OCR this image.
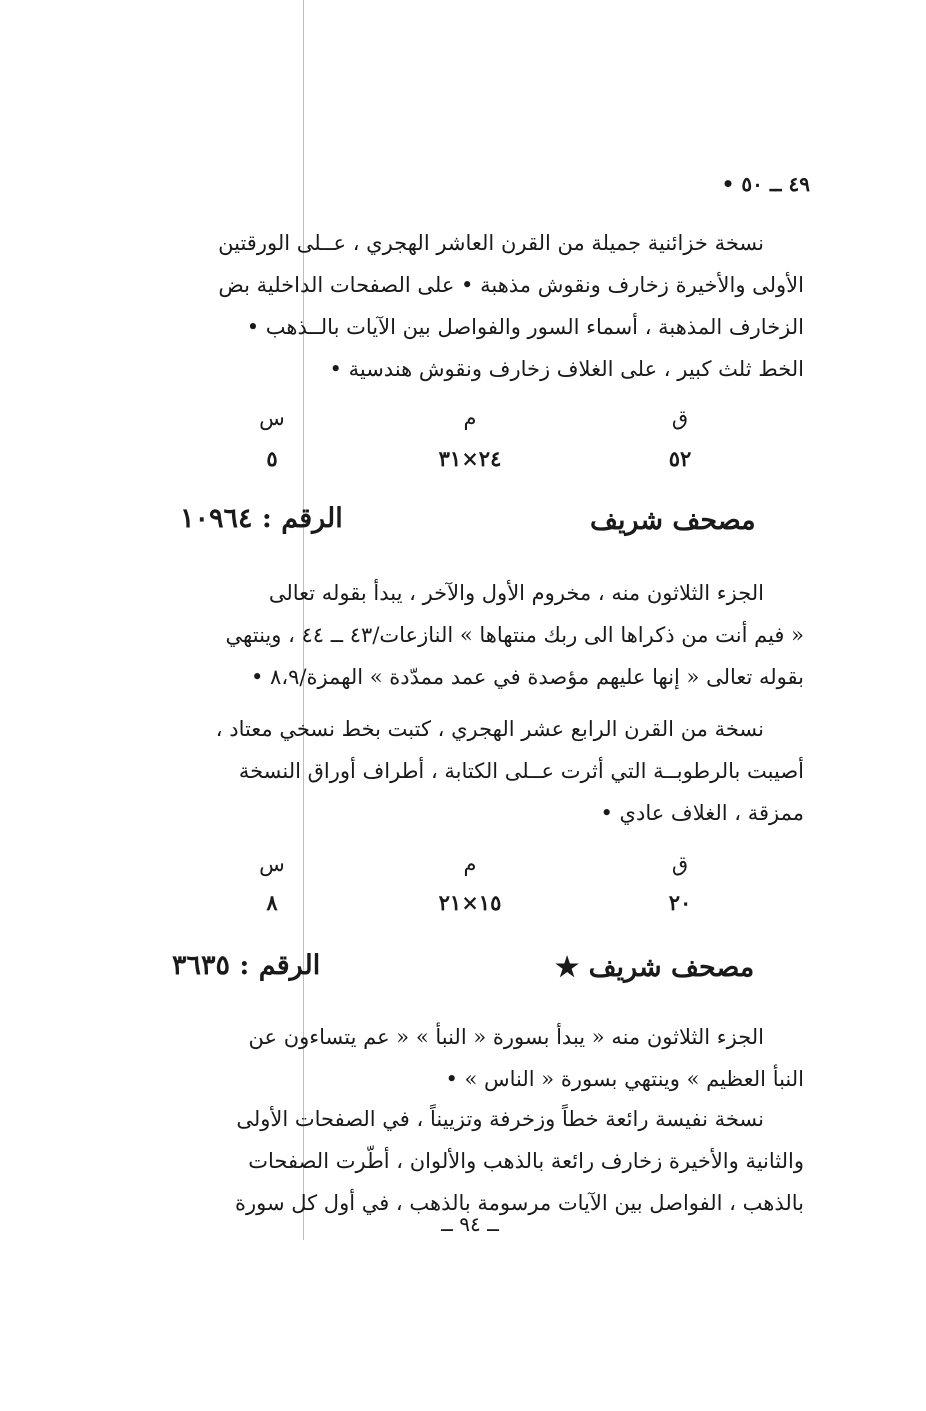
٤٩ ــ ٥٠ •

نسخة خزائنية جميلة من القرن العاشر الهجري ، عــلى الورقتين

الأولى والأخيرة زخارف ونقوش مذهبة • على الصفحات الداخلية بض

الزخارف المذهبة ، أسماء السور والفواصل بين الآيات بالــذهب •

الخط ثلث كبير ، على الغلاف زخارف ونقوش هندسية •

ق
م
س
٥٢
٢٤×٣١
٥
مصحف شريف
الرقم : ١٠٩٦٤

الجزء الثلاثون منه ، مخروم الأول والآخر ، يبدأ بقوله تعالى

« فيم أنت من ذكراها الى ربك منتهاها » النازعات/٤٣ ــ ٤٤ ، وينتهي

بقوله تعالى « إنها عليهم مؤصدة في عمد ممدّدة » الهمزة/٨،٩ •

نسخة من القرن الرابع عشر الهجري ، كتبت بخط نسخي معتاد ،

أصيبت بالرطوبــة التي أثرت عــلى الكتابة ، أطراف أوراق النسخة

ممزقة ، الغلاف عادي •

ق
م
س
٢٠
١٥×٢١
٨
مصحف شريف ★
الرقم : ٣٦٣٥

الجزء الثلاثون منه « يبدأ بسورة « النبأ » « عم يتساءون عن

النبأ العظيم » وينتهي بسورة « الناس » •

نسخة نفيسة رائعة خطاً وزخرفة وتزييناً ، في الصفحات الأولى

والثانية والأخيرة زخارف رائعة بالذهب والألوان ، أطّرت الصفحات

بالذهب ، الفواصل بين الآيات مرسومة بالذهب ، في أول كل سورة

ــ ٩٤ ــ
